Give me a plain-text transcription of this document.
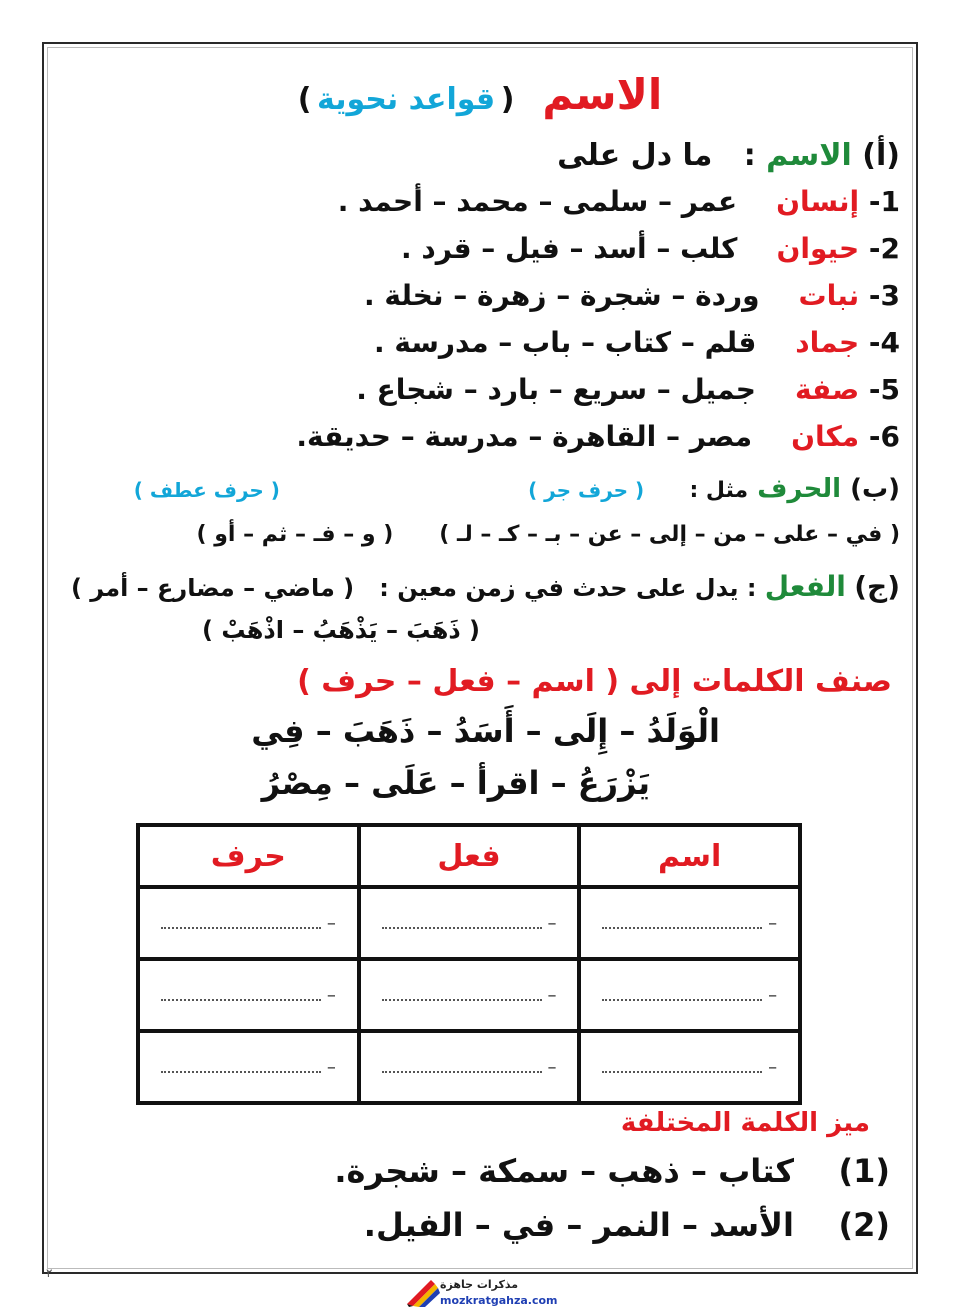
الاسم     ( قواعد نحوية )
(أ) الاسم :   ما دل على
1- إنسان    عمر – سلمى – محمد – أحمد .
2- حيوان    كلب – أسد – فيل – قرد .
3- نبات    وردة – شجرة – زهرة – نخلة .
4- جماد    قلم – كتاب – باب – مدرسة .
5- صفة    جميل – سريع – بارد – شجاع .
6- مكان    مصر – القاهرة – مدرسة – حديقة.
(ب) الحرف مثل :     ( حرف جر )  ( حرف عطف )
( في – على – من – إلى – عن – بـ – كـ – لـ )      ( و – فـ – ثم – أو )
(ج) الفعل : يدل على حدث في زمن معين :   ( ماضي – مضارع – أمر )
( ذَهَبَ – يَذْهَبُ – اذْهَبْ )
صنف الكلمات إلى ( اسم – فعل – حرف )
الْوَلَدُ – إِلَى – أَسَدُ – ذَهَبَ – فِي
يَزْرَعُ – اقرأ – عَلَى – مِصْرُ
اسم	فعل	حرف
–	–	–
–	–	–
–	–	–
ميز الكلمة المختلفة
(1)    كتاب – ذهب – سمكة – شجرة.
(2)    الأسد – النمر – في – الفيل.
٢
مذكرات جاهزة
mozkratgahza.com
